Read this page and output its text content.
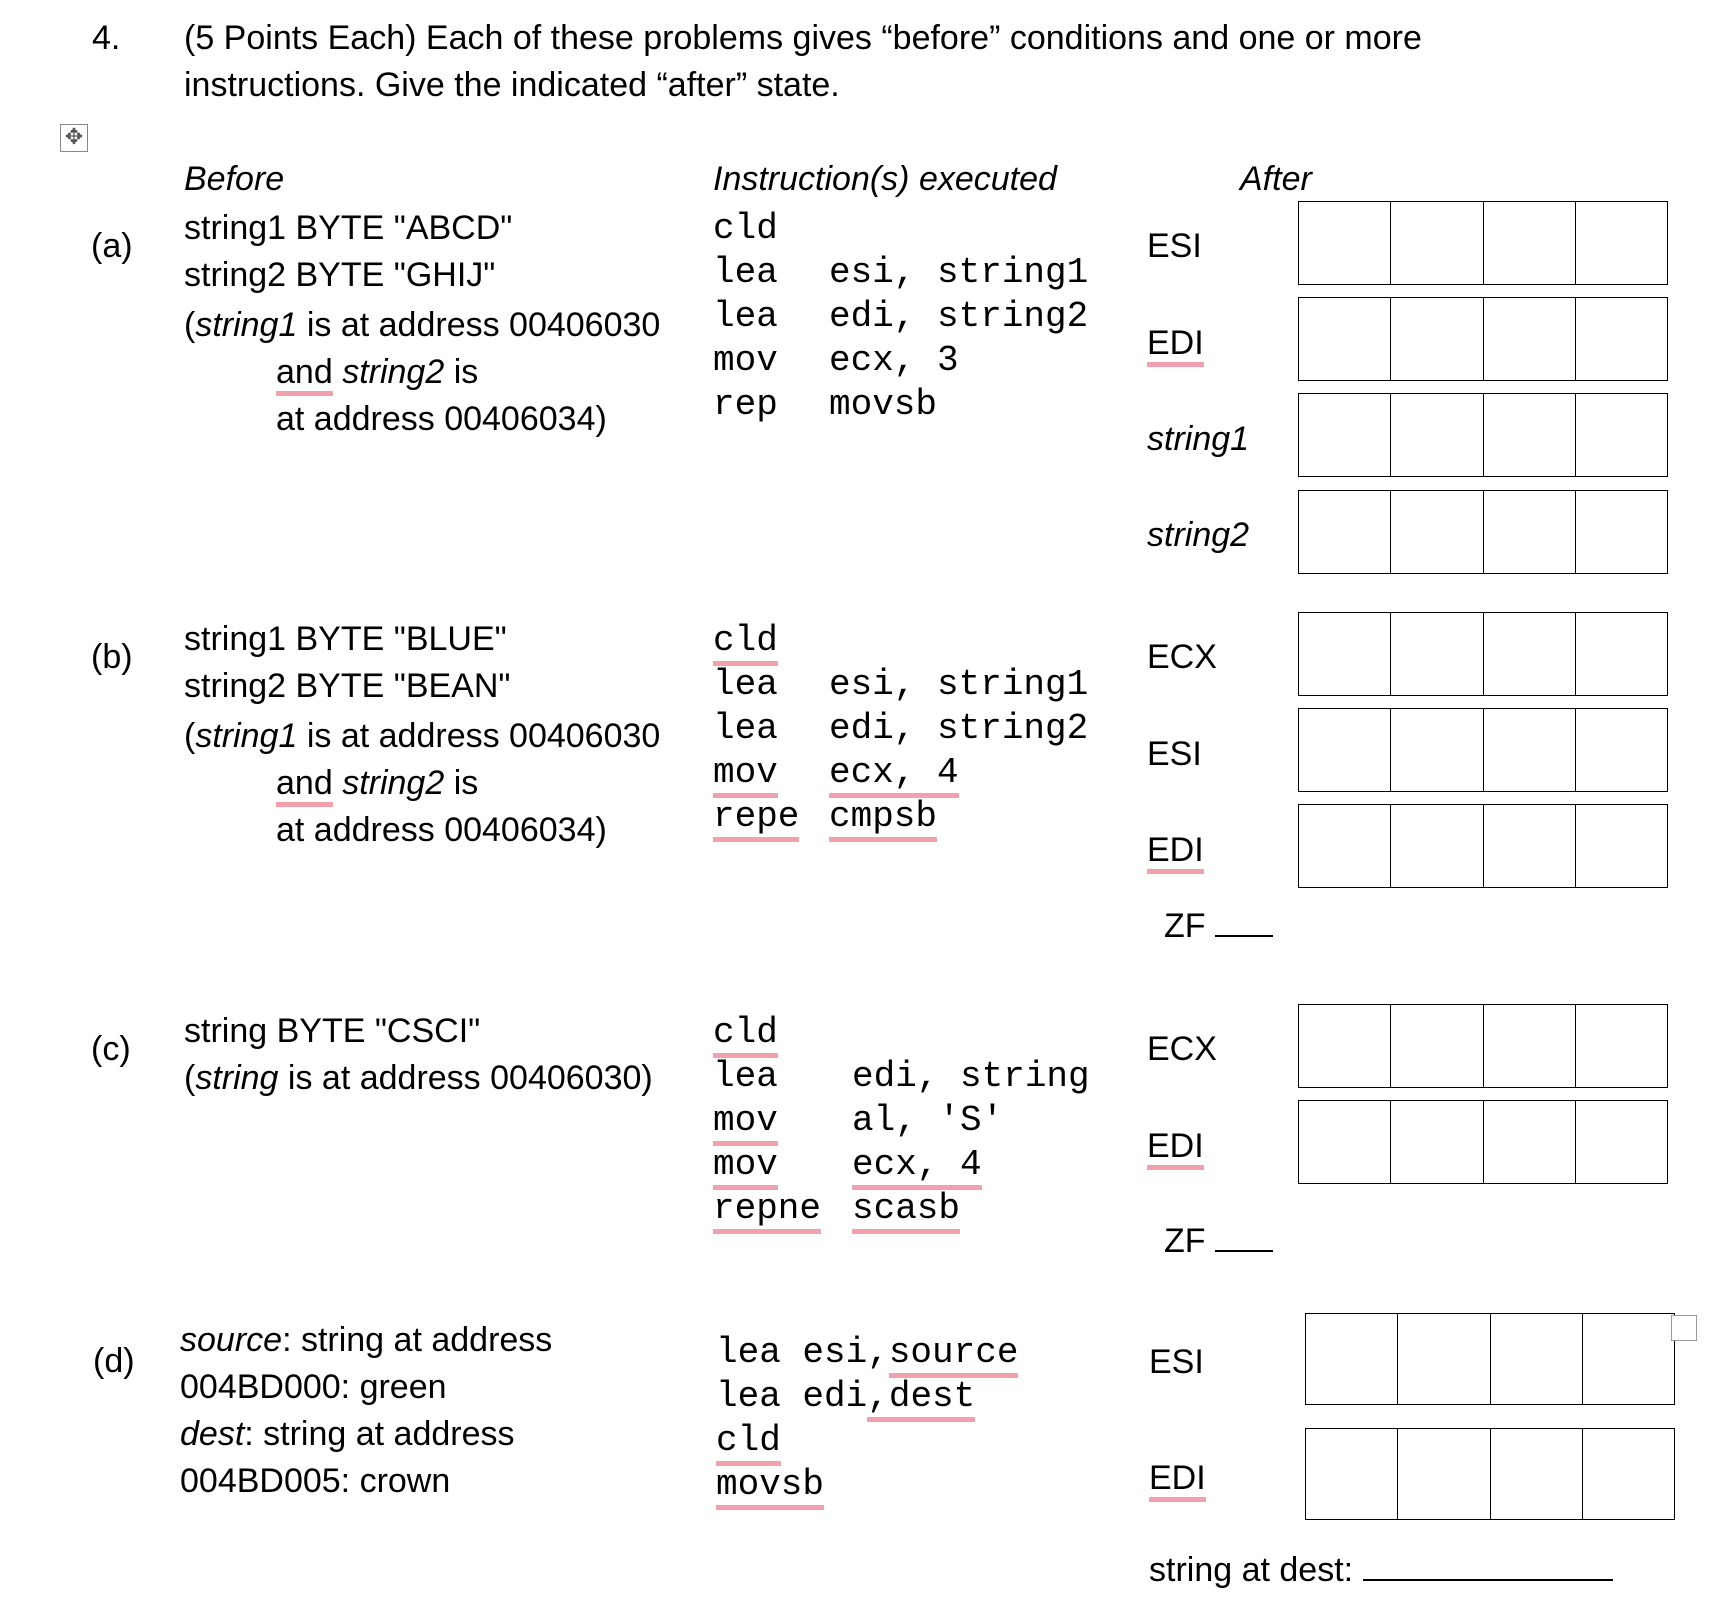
4. (5 Points Each) Each of these problems gives “before” conditions and one or more
instructions. Give the indicated “after” state.
✥
Before	Instruction(s) executed	After
(a) string1 BYTE "ABCD"
string2 BYTE "GHIJ"
(string1 is at address 00406030
and string2 is
at address 00406034)
cld
lea esi, string1
lea edi, string2
mov ecx, 3
rep movsb
ESI
EDI
string1
string2
(b) string1 BYTE "BLUE"
string2 BYTE "BEAN"
(string1 is at address 00406030
and string2 is
at address 00406034)
cld
lea esi, string1
lea edi, string2
mov ecx, 4
repe cmpsb
ECX
ESI
EDI
ZF
(c) string BYTE "CSCI"
(string is at address 00406030)
cld
lea edi, string
mov al, 'S'
mov ecx, 4
repne scasb
ECX
EDI
ZF
(d)
source: string at address
004BD000: green
dest: string at address
004BD005: crown
lea esi,source
lea edi,dest
cld
movsb
ESI
EDI
string at dest:
